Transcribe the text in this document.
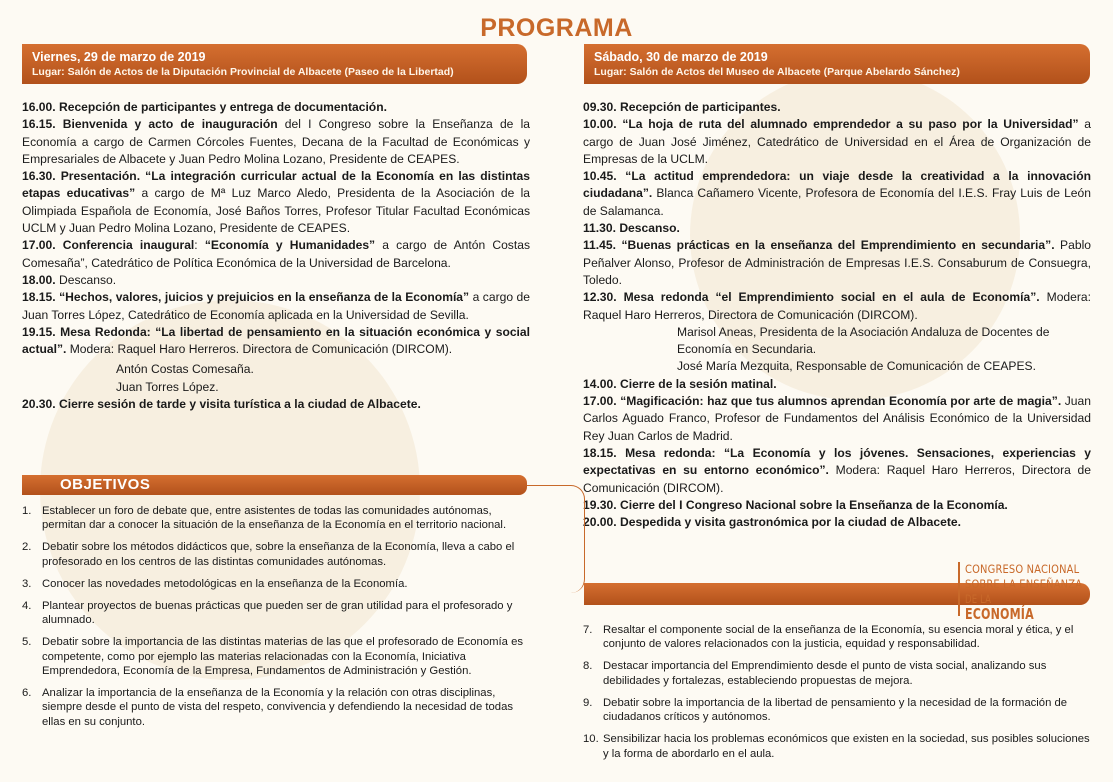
PROGRAMA
Viernes, 29 de marzo de 2019
Lugar: Salón de Actos de la Diputación Provincial de Albacete (Paseo de la Libertad)
Sábado, 30 de marzo de 2019
Lugar: Salón de Actos del Museo de Albacete (Parque Abelardo Sánchez)

16.00. Recepción de participantes y entrega de documentación.

16.15. Bienvenida y acto de inauguración del I Congreso sobre la Enseñanza de la Economía a cargo de Carmen Córcoles Fuentes, Decana de la Facultad de Económicas y Empresariales de Albacete y Juan Pedro Molina Lozano, Presidente de CEAPES.

16.30. Presentación. “La integración curricular actual de la Economía en las distintas etapas educativas” a cargo de Mª Luz Marco Aledo, Presidenta de la Asociación de la Olimpiada Española de Economía, José Baños Torres, Profesor Titular Facultad Económicas UCLM y Juan Pedro Molina Lozano, Presidente de CEAPES.

17.00. Conferencia inaugural: “Economía y Humanidades” a cargo de Antón Costas Comesaña”, Catedrático de Política Económica de la Universidad de Barcelona.

18.00. Descanso.

18.15. “Hechos, valores, juicios y prejuicios en la enseñanza de la Economía” a cargo de Juan Torres López, Catedrático de Economía aplicada en la Universidad de Sevilla.

19.15. Mesa Redonda: “La libertad de pensamiento en la situación económica y social actual”. Modera: Raquel Haro Herreros. Directora de Comunicación (DIRCOM).

Antón Costas Comesaña.

Juan Torres López.

20.30. Cierre sesión de tarde y visita turística a la ciudad de Albacete.

09.30. Recepción de participantes.

10.00. “La hoja de ruta del alumnado emprendedor a su paso por la Universidad” a cargo de Juan José Jiménez, Catedrático de Universidad en el Área de Organización de Empresas de la UCLM.

10.45. “La actitud emprendedora: un viaje desde la creatividad a la innovación ciudadana”. Blanca Cañamero Vicente, Profesora de Economía del I.E.S. Fray Luis de León de Salamanca.

11.30. Descanso.

11.45. “Buenas prácticas en la enseñanza del Emprendimiento en secundaria”. Pablo Peñalver Alonso, Profesor de Administración de Empresas I.E.S. Consaburum de Consuegra, Toledo.

12.30. Mesa redonda “el Emprendimiento social en el aula de Economía”. Modera: Raquel Haro Herreros, Directora de Comunicación (DIRCOM).

Marisol Aneas, Presidenta de la Asociación Andaluza de Docentes de Economía en Secundaria.

José María Mezquita, Responsable de Comunicación de CEAPES.

14.00. Cierre de la sesión matinal.

17.00. “Magificación: haz que tus alumnos aprendan Economía por arte de magia”. Juan Carlos Aguado Franco, Profesor de Fundamentos del Análisis Económico de la Universidad Rey Juan Carlos de Madrid.

18.15. Mesa redonda: “La Economía y los jóvenes. Sensaciones, experiencias y expectativas en su entorno económico”. Modera: Raquel Haro Herreros, Directora de Comunicación (DIRCOM).

19.30. Cierre del I Congreso Nacional sobre la Enseñanza de la Economía.

20.00. Despedida y visita gastronómica por la ciudad de Albacete.

OBJETIVOS
CONGRESO NACIONAL
SOBRE LA ENSEÑANZA
DE LA
ECONOMÍA
1. Establecer un foro de debate que, entre asistentes de todas las comunidades autónomas, permitan dar a conocer la situación de la enseñanza de la Economía en el territorio nacional.
2. Debatir sobre los métodos didácticos que, sobre la enseñanza de la Economía, lleva a cabo el profesorado en los centros de las distintas comunidades autónomas.
3. Conocer las novedades metodológicas en la enseñanza de la Economía.
4. Plantear proyectos de buenas prácticas que pueden ser de gran utilidad para el profesorado y alumnado.
5. Debatir sobre la importancia de las distintas materias de las que el profesorado de Economía es competente, como por ejemplo las materias relacionadas con la Economía, Iniciativa Emprendedora, Economía de la Empresa, Fundamentos de Administración y Gestión.
6. Analizar la importancia de la enseñanza de la Economía y la relación con otras disciplinas, siempre desde el punto de vista del respeto, convivencia y defendiendo la necesidad de todas ellas en su conjunto.
7. Resaltar el componente social de la enseñanza de la Economía, su esencia moral y ética, y el conjunto de valores relacionados con la justicia, equidad y responsabilidad.
8. Destacar importancia del Emprendimiento desde el punto de vista social, analizando sus debilidades y fortalezas, estableciendo propuestas de mejora.
9. Debatir sobre la importancia de la libertad de pensamiento y la necesidad de la formación de ciudadanos críticos y autónomos.
10. Sensibilizar hacia los problemas económicos que existen en la sociedad, sus posibles soluciones y la forma de abordarlo en el aula.
